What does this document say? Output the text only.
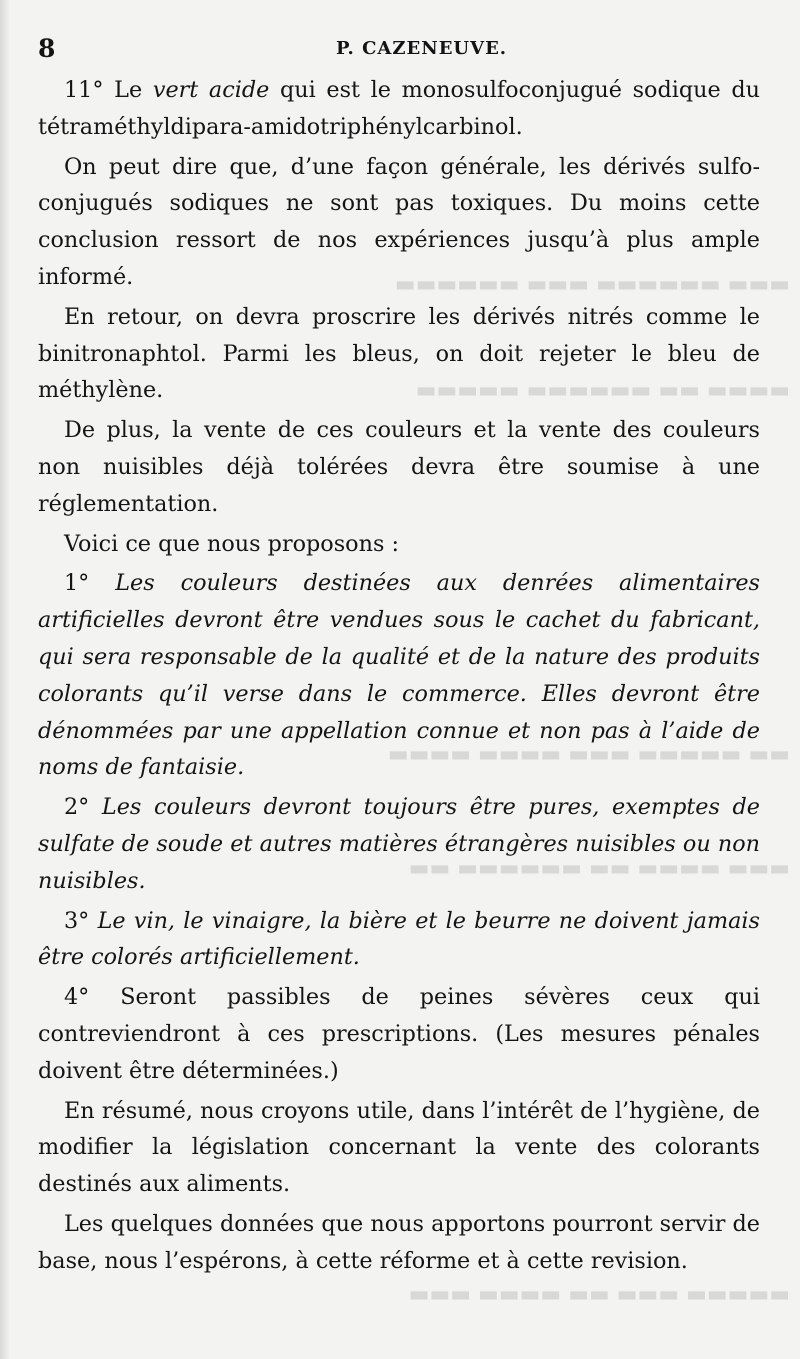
▬▬▬ ▬▬▬▬▬▬ ▬▬▬ ▬▬▬▬▬▬
▬▬▬▬ ▬▬ ▬▬▬▬▬▬ ▬▬▬▬▬
▬▬ ▬▬▬▬▬ ▬▬▬ ▬▬▬▬ ▬▬▬▬
▬▬▬ ▬▬▬▬ ▬▬ ▬▬▬▬▬▬ ▬▬
▬▬▬▬▬ ▬▬▬ ▬▬ ▬▬▬▬ ▬▬▬
8	P. CAZENEUVE.

11° Le vert acide qui est le monosulfoconjugué sodique du tétraméthyldipara-amidotriphénylcarbinol.

On peut dire que, d’une façon générale, les dérivés sulfo-conjugués sodiques ne sont pas toxiques. Du moins cette conclusion ressort de nos expériences jusqu’à plus ample informé.

En retour, on devra proscrire les dérivés nitrés comme le binitronaphtol. Parmi les bleus, on doit rejeter le bleu de méthylène.

De plus, la vente de ces couleurs et la vente des couleurs non nuisibles déjà tolérées devra être soumise à une réglementation.

Voici ce que nous proposons :

1° Les couleurs destinées aux denrées alimentaires artificielles devront être vendues sous le cachet du fabricant, qui sera responsable de la qualité et de la nature des produits colorants qu’il verse dans le commerce. Elles devront être dénommées par une appellation connue et non pas à l’aide de noms de fantaisie.

2° Les couleurs devront toujours être pures, exemptes de sulfate de soude et autres matières étrangères nuisibles ou non nuisibles.

3° Le vin, le vinaigre, la bière et le beurre ne doivent jamais être colorés artificiellement.

4° Seront passibles de peines sévères ceux qui contreviendront à ces prescriptions. (Les mesures pénales doivent être déterminées.)

En résumé, nous croyons utile, dans l’intérêt de l’hygiène, de modifier la législation concernant la vente des colorants destinés aux aliments.

Les quelques données que nous apportons pourront servir de base, nous l’espérons, à cette réforme et à cette revision.
